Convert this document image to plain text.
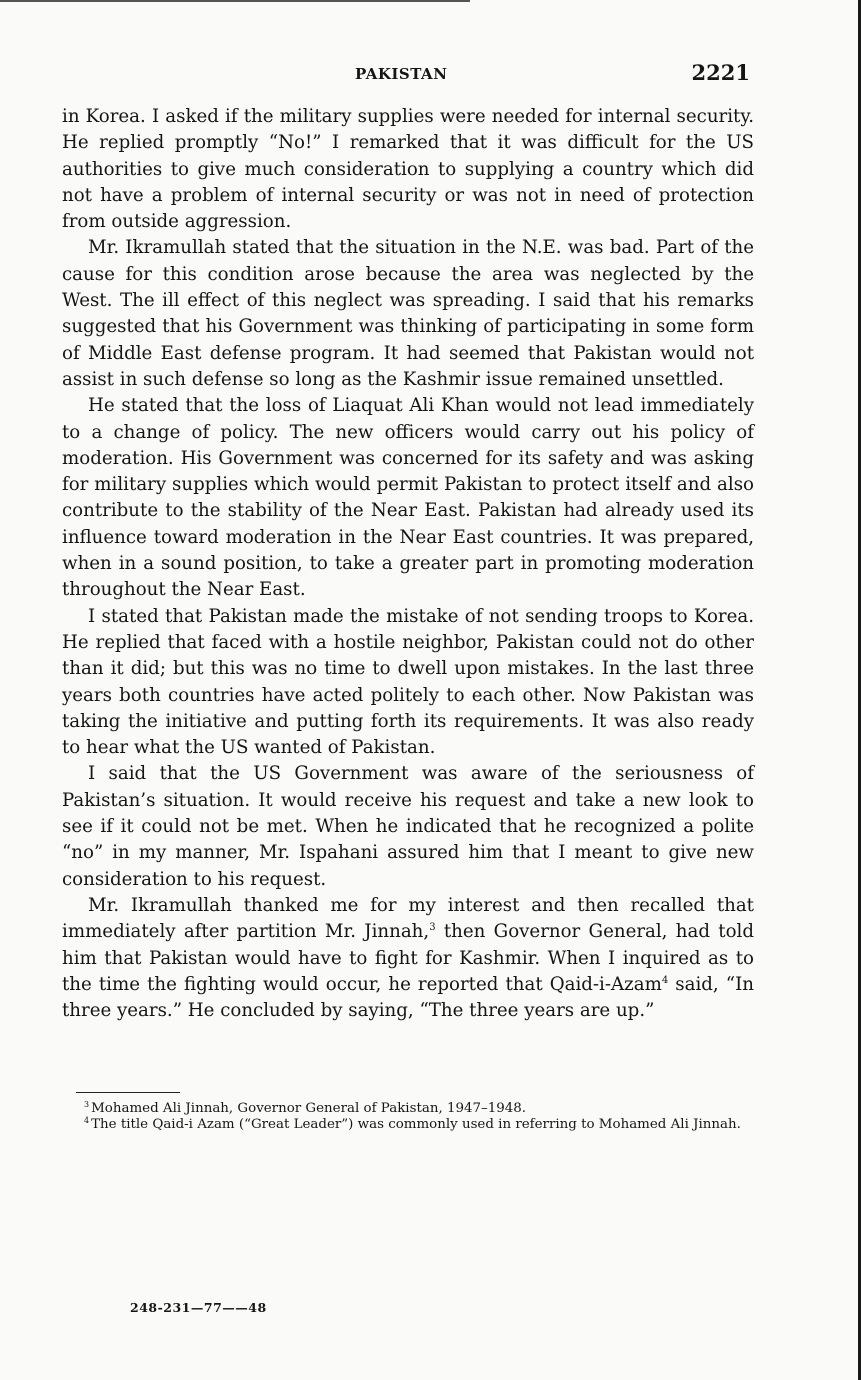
PAKISTAN	2221

in Korea. I asked if the military supplies were needed for internal security. He replied promptly “No!” I remarked that it was difficult for the US authorities to give much consideration to supplying a country which did not have a problem of internal security or was not in need of protection from outside aggression.

Mr. Ikramullah stated that the situation in the N.E. was bad. Part of the cause for this condition arose because the area was neglected by the West. The ill effect of this neglect was spreading. I said that his remarks suggested that his Government was thinking of participating in some form of Middle East defense program. It had seemed that Pakistan would not assist in such defense so long as the Kashmir issue remained unsettled.

He stated that the loss of Liaquat Ali Khan would not lead immediately to a change of policy. The new officers would carry out his policy of moderation. His Government was concerned for its safety and was asking for military supplies which would permit Pakistan to protect itself and also contribute to the stability of the Near East. Pakistan had already used its influence toward moderation in the Near East countries. It was prepared, when in a sound position, to take a greater part in promoting moderation throughout the Near East.

I stated that Pakistan made the mistake of not sending troops to Korea. He replied that faced with a hostile neighbor, Pakistan could not do other than it did; but this was no time to dwell upon mistakes. In the last three years both countries have acted politely to each other. Now Pakistan was taking the initiative and putting forth its requirements. It was also ready to hear what the US wanted of Pakistan.

I said that the US Government was aware of the seriousness of Pakistan’s situation. It would receive his request and take a new look to see if it could not be met. When he indicated that he recognized a polite “no” in my manner, Mr. Ispahani assured him that I meant to give new consideration to his request.

Mr. Ikramullah thanked me for my interest and then recalled that immediately after partition Mr. Jinnah,$^3$ then Governor General, had told him that Pakistan would have to fight for Kashmir. When I inquired as to the time the fighting would occur, he reported that Qaid-i-Azam$^4$ said, “In three years.” He concluded by saying, “The three years are up.”

$^3$ Mohamed Ali Jinnah, Governor General of Pakistan, 1947–1948.

$^4$ The title Qaid-i Azam (“Great Leader”) was commonly used in referring to Mohamed Ali Jinnah.

248-231—77——48
